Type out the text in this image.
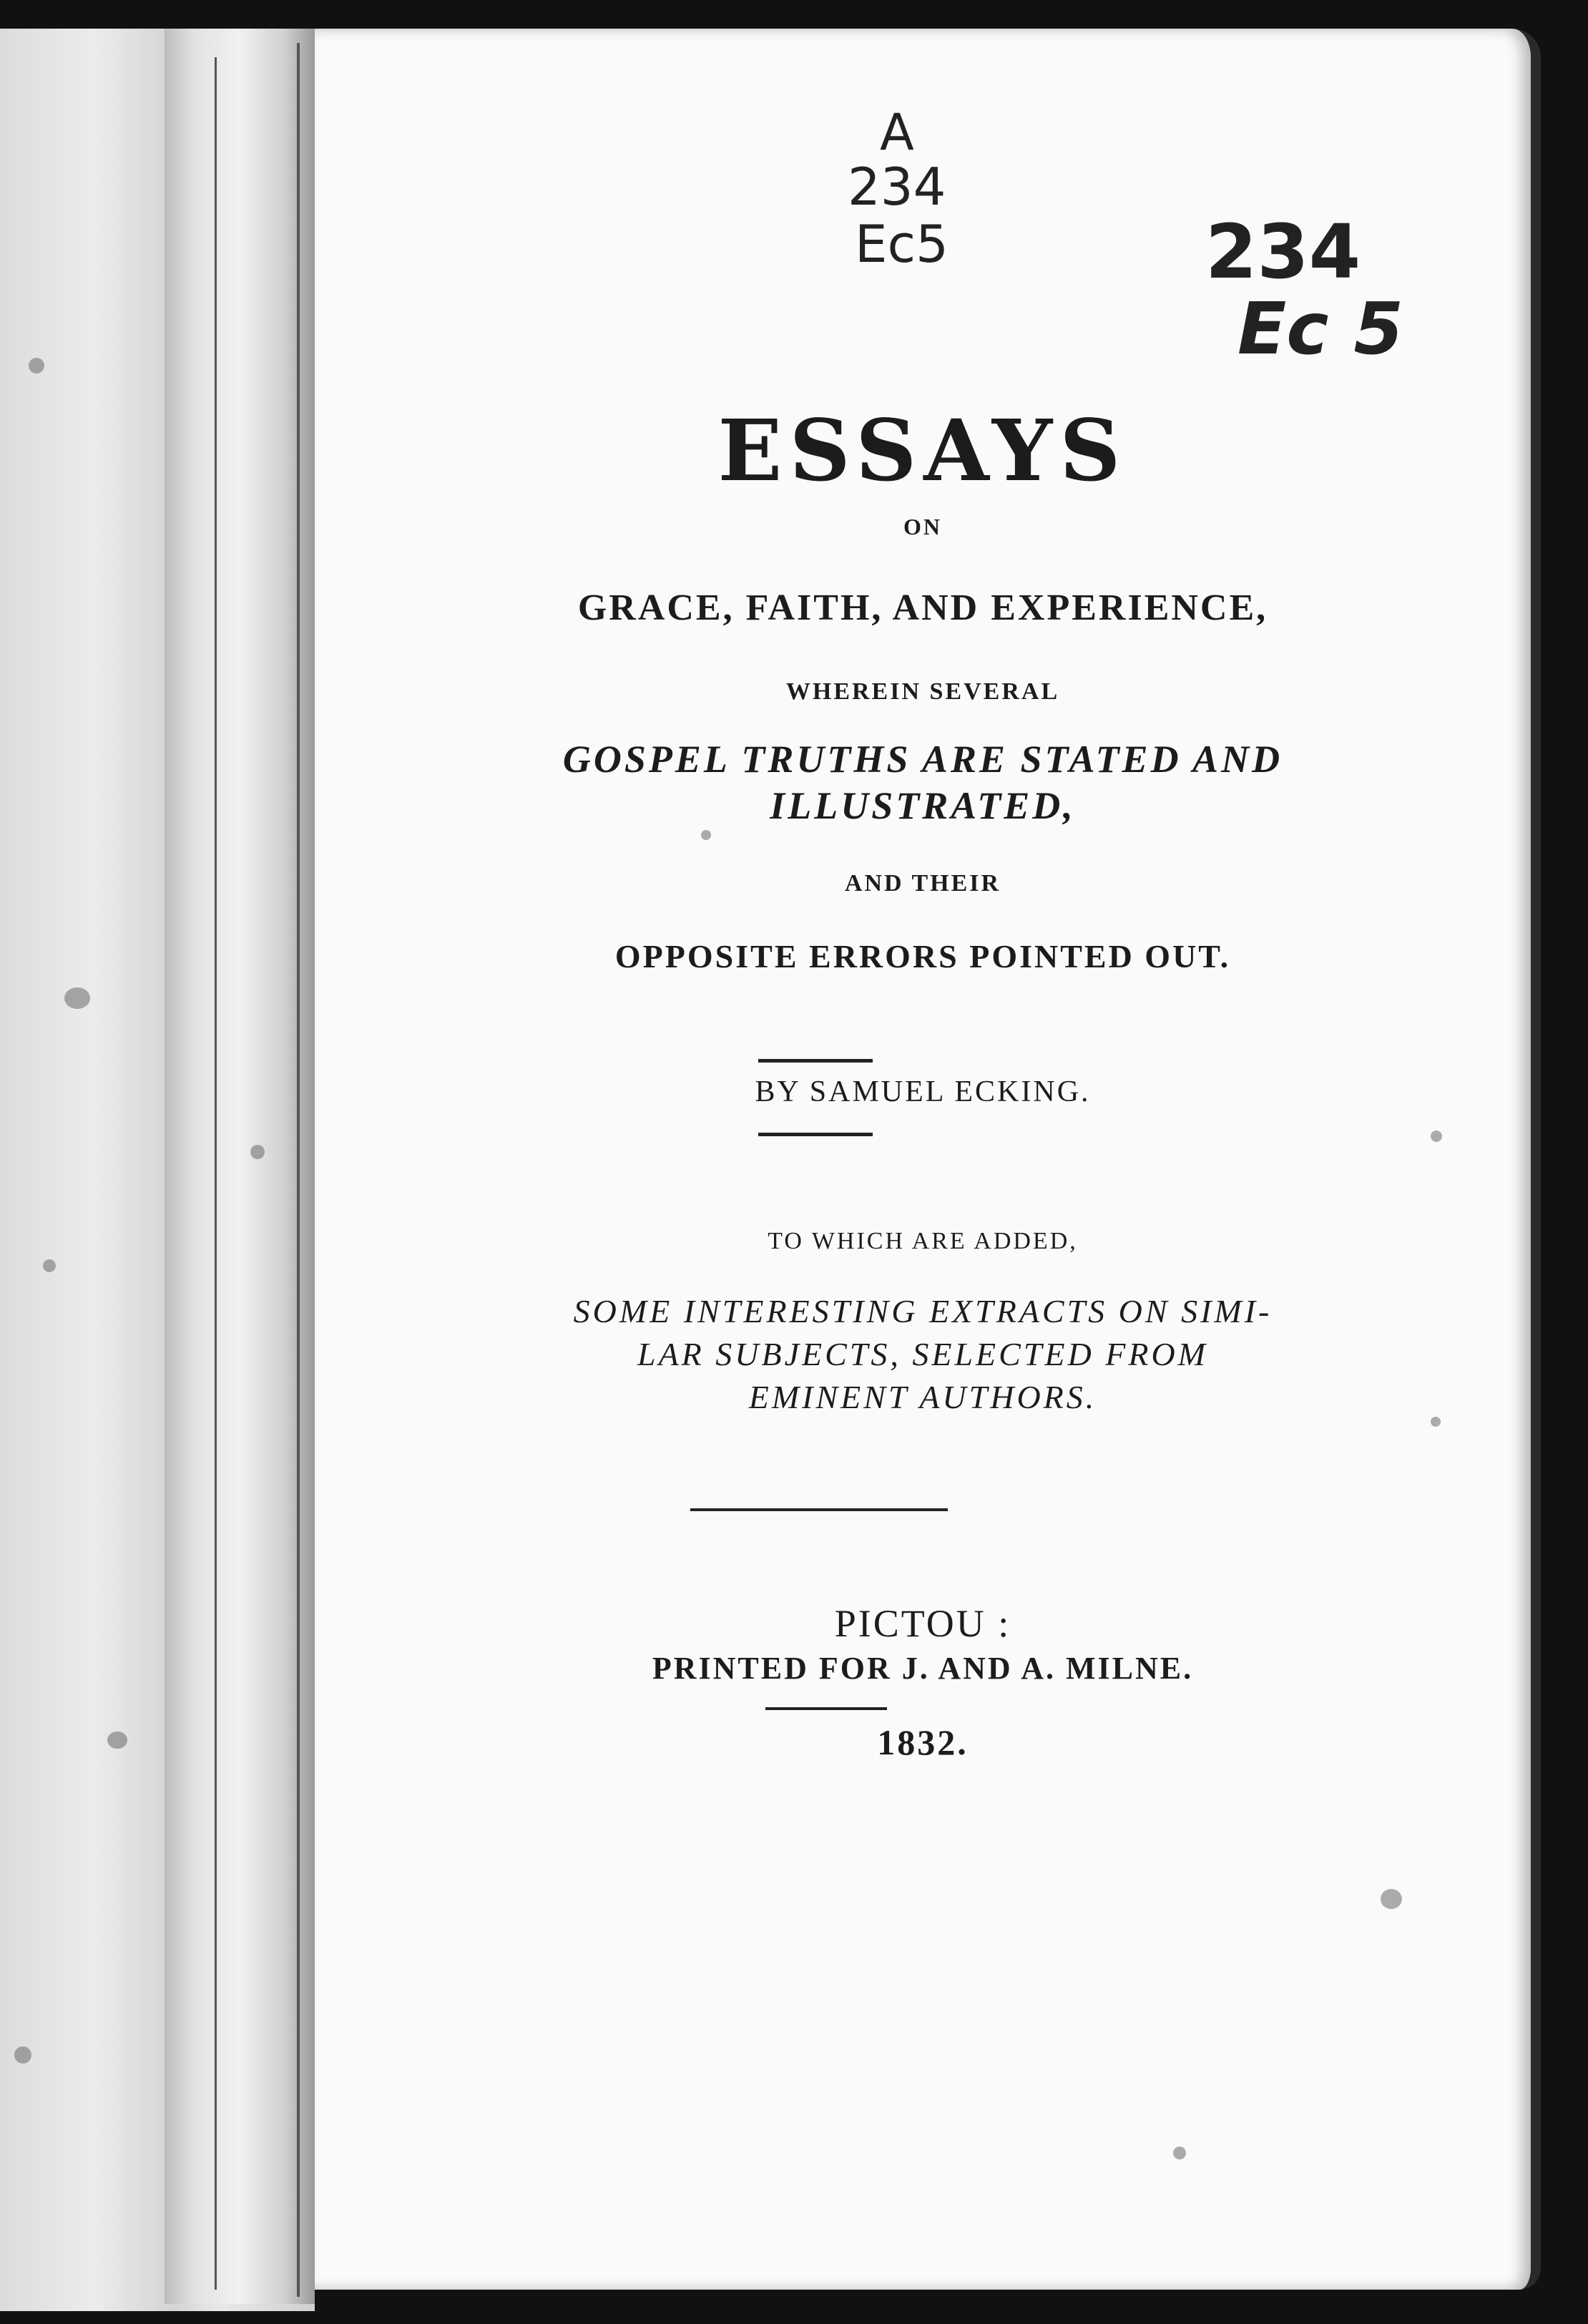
A
234
Ec5	234
Ec 5
ESSAYS
ON
GRACE, FAITH, AND EXPERIENCE,
WHEREIN SEVERAL
GOSPEL TRUTHS ARE STATED AND
ILLUSTRATED,
AND THEIR
OPPOSITE ERRORS POINTED OUT.
BY SAMUEL ECKING.
TO WHICH ARE ADDED,
SOME INTERESTING EXTRACTS ON SIMI-
LAR SUBJECTS, SELECTED FROM
EMINENT AUTHORS.
PICTOU :
PRINTED FOR J. AND A. MILNE.
1832.
